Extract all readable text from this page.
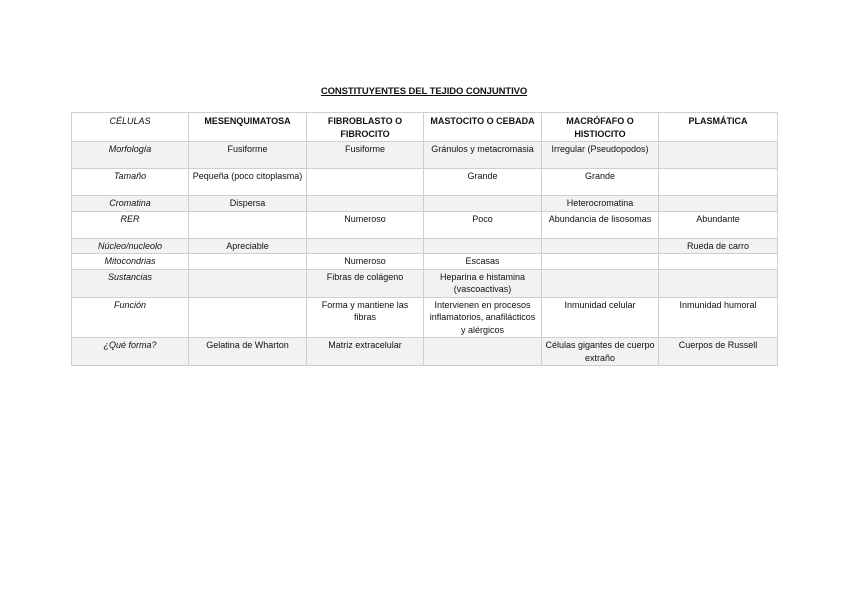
CONSTITUYENTES DEL TEJIDO CONJUNTIVO
CÉLULAS	MESENQUIMATOSA	FIBROBLASTO O FIBROCITO	MASTOCITO O CEBADA	MACRÓFAFO O HISTIOCITO	PLASMÁTICA
Morfología	Fusiforme	Fusiforme	Gránulos y metacromasia	Irregular (Pseudopodos)	
Tamaño	Pequeña (poco citoplasma)		Grande	Grande	
Cromatina	Dispersa			Heterocromatina	
RER		Numeroso	Poco	Abundancia de lisosomas	Abundante
Núcleo/nucleolo	Apreciable				Rueda de carro
Mitocondrias		Numeroso	Escasas		
Sustancias		Fibras de colágeno	Heparina e histamina (vascoactivas)		
Función		Forma y mantiene las fibras	Intervienen en procesos inflamatorios, anafilácticos y alérgicos	Inmunidad celular	Inmunidad humoral
¿Qué forma?	Gelatina de Wharton	Matriz extracelular		Células gigantes de cuerpo extraño	Cuerpos de Russell
